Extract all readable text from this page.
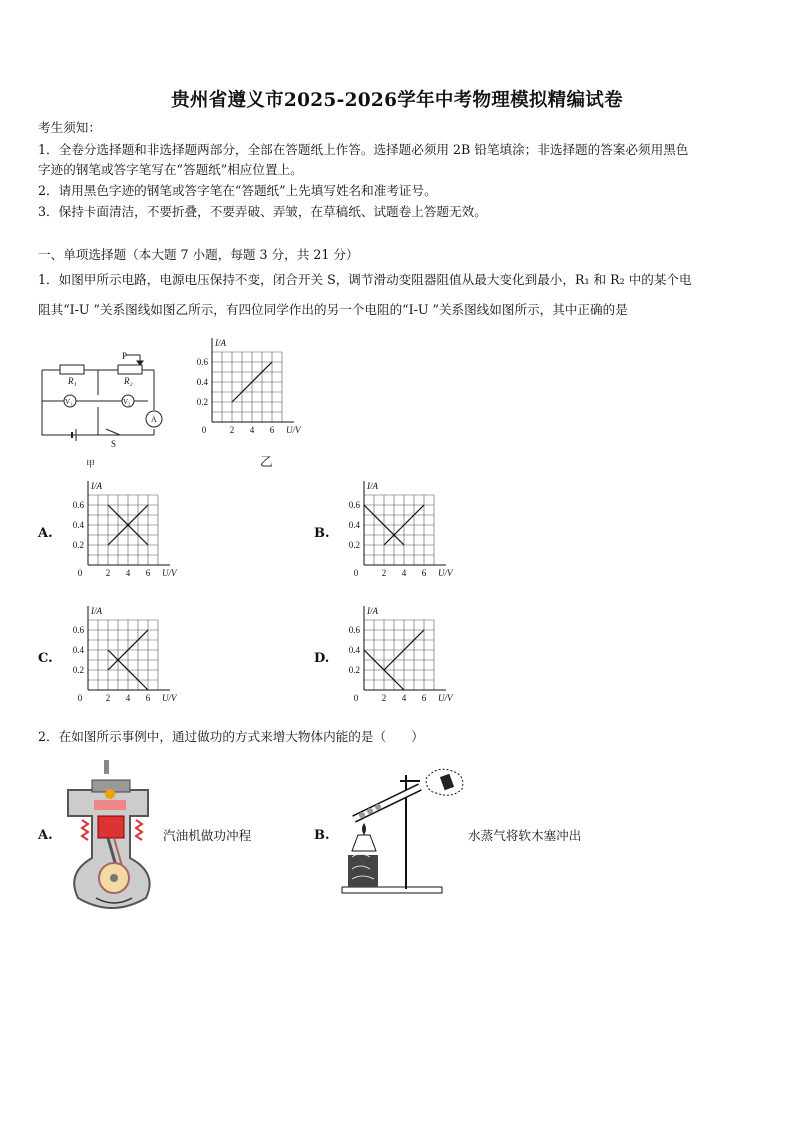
贵州省遵义市2025-2026学年中考物理模拟精编试卷
考生须知：
1．全卷分选择题和非选择题两部分，全部在答题纸上作答。选择题必须用 2B 铅笔填涂；非选择题的答案必须用黑色
字迹的钢笔或答字笔写在“答题纸”相应位置上。
2．请用黑色字迹的钢笔或答字笔在“答题纸”上先填写姓名和准考证号。
3．保持卡面清洁，不要折叠，不要弄破、弄皱，在草稿纸、试题卷上答题无效。
一、单项选择题（本大题 7 小题，每题 3 分，共 21 分）
1．如图甲所示电路，电源电压保持不变，闭合开关 S，调节滑动变阻器阻值从最大变化到最小，R₁ 和 R₂ 中的某个电
阻其“I-U ”关系图线如图乙所示，有四位同学作出的另一个电阻的“I-U ”关系图线如图所示，其中正确的是
R₁	R₂
P
V₁	V₂
A
S
甲
I/A
U/V
0
0.2
0.4
0.6
2 4 6
乙
A.
I/A
U/V
0
0.2
0.4
0.6
2 4 6
B.
I/A
U/V
0
0.2
0.4
0.6
2 4 6
C.
I/A
U/V
0
0.2
0.4
0.6
2 4 6
D.
I/A
U/V
0
0.2
0.4
0.6
2 4 6
2．在如图所示事例中，通过做功的方式来增大物体内能的是（　　）
A.	汽油机做功冲程	B.	水蒸气将软木塞冲出
